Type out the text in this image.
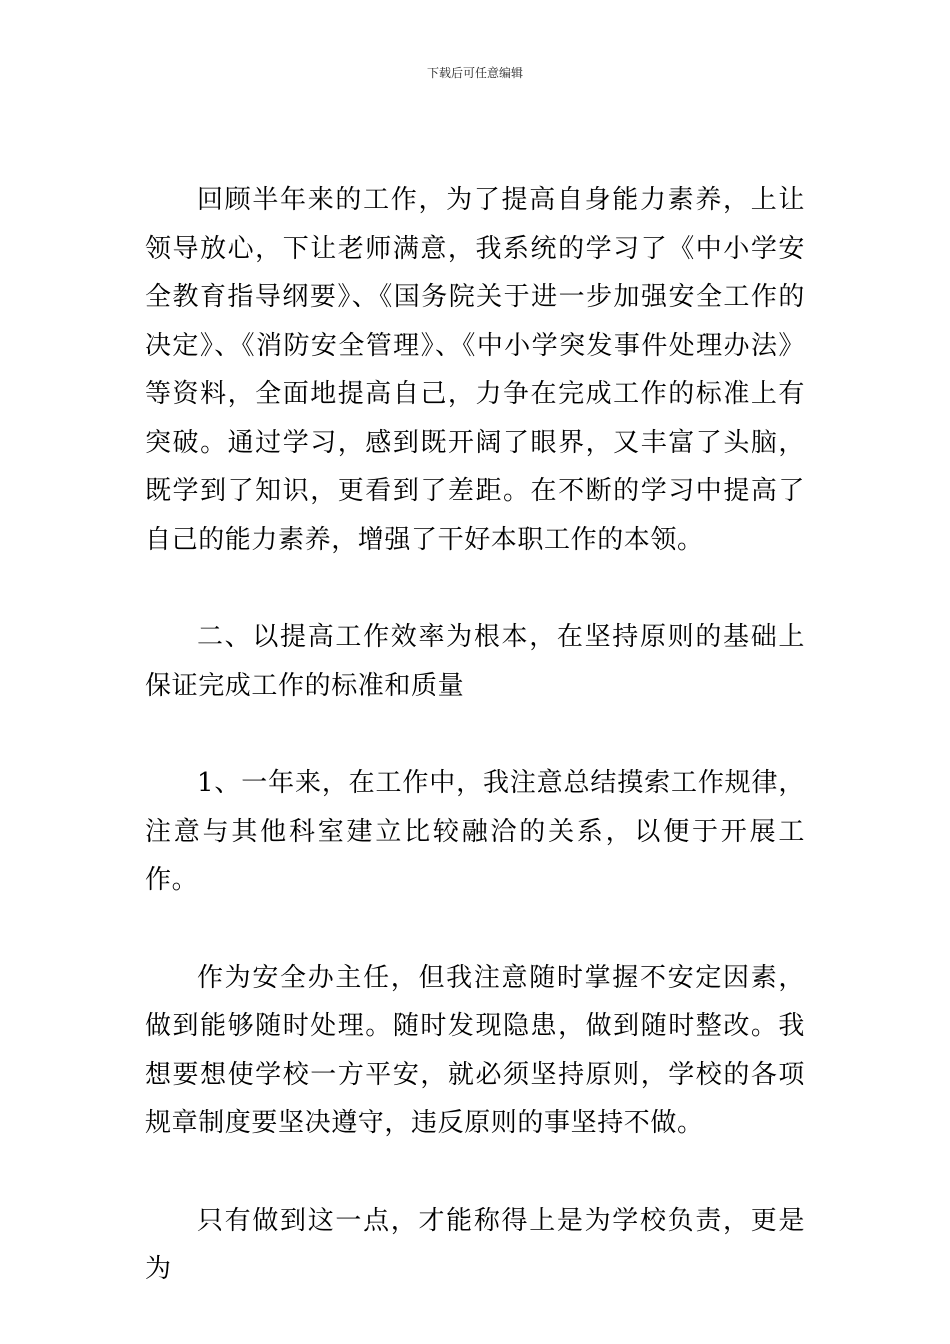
下载后可任意编辑

回顾半年来的工作，为了提高自身能力素养，上让领导放心，下让老师满意，我系统的学习了《中小学安全教育指导纲要》、《国务院关于进一步加强安全工作的决定》、《消防安全管理》、《中小学突发事件处理办法》等资料，全面地提高自己，力争在完成工作的标准上有突破。通过学习，感到既开阔了眼界，又丰富了头脑，既学到了知识，更看到了差距。在不断的学习中提高了自己的能力素养，增强了干好本职工作的本领。

二、以提高工作效率为根本，在坚持原则的基础上保证完成工作的标准和质量

1、一年来，在工作中，我注意总结摸索工作规律，注意与其他科室建立比较融洽的关系，以便于开展工作。

作为安全办主任，但我注意随时掌握不安定因素，做到能够随时处理。随时发现隐患，做到随时整改。我想要想使学校一方平安，就必须坚持原则，学校的各项规章制度要坚决遵守，违反原则的事坚持不做。

只有做到这一点，才能称得上是为学校负责，更是为
